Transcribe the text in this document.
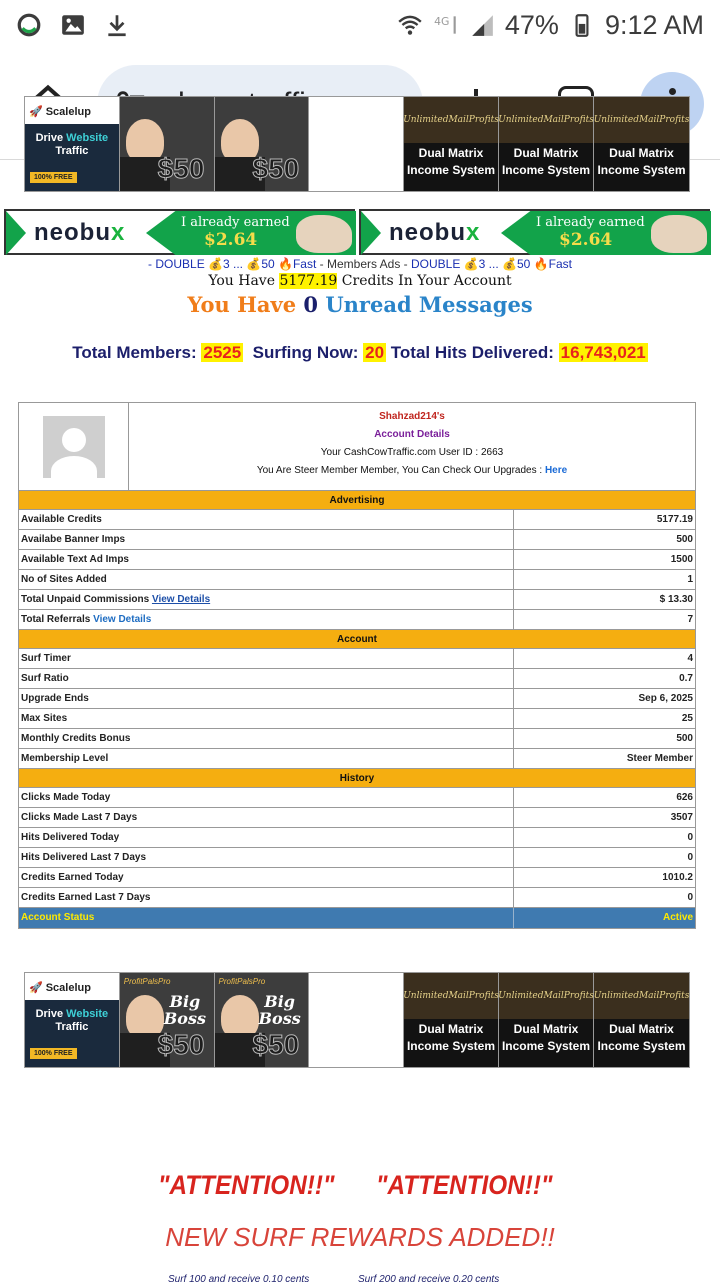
4G 47% 9:12 AM
🚀 Scalelup
Drive Website
Traffic
100% FREE	$50 $50
UnlimitedMailProfits
Dual Matrix
Income System
UnlimitedMailProfits
Dual Matrix
Income System
UnlimitedMailProfits
Dual Matrix
Income System
neobux	I already earned
$2.64	neobux	I already earned
$2.64
- DOUBLE 💰3 ... 💰50 🔥Fast - Members Ads - DOUBLE 💰3 ... 💰50 🔥Fast
You Have 5177.19 Credits In Your Account
You Have 0 Unread Messages
Total Members: 2525 Surfing Now: 20 Total Hits Delivered: 16,743,021
Shahzad214's
Account Details
Your CashCowTraffic.com User ID : 2663
You Are Steer Member Member, You Can Check Our Upgrades : Here
Advertising
Available Credits	5177.19
Availabe Banner Imps	500
Available Text Ad Imps	1500
No of Sites Added	1
Total Unpaid Commissions View Details	$ 13.30
Total Referrals View Details	7
Account
Surf Timer	4
Surf Ratio	0.7
Upgrade Ends	Sep 6, 2025
Max Sites	25
Monthly Credits Bonus	500
Membership Level	Steer Member
History
Clicks Made Today	626
Clicks Made Last 7 Days	3507
Hits Delivered Today	0
Hits Delivered Last 7 Days	0
Credits Earned Today	1010.2
Credits Earned Last 7 Days	0
Account Status	Active
🚀 Scalelup
Drive Website
Traffic
100% FREE
ProfitPalsPro
Big
Boss
$50
ProfitPalsPro
Big
Boss
$50
UnlimitedMailProfits
Dual Matrix
Income System
UnlimitedMailProfits
Dual Matrix
Income System
UnlimitedMailProfits
Dual Matrix
Income System
"ATTENTION!!" "ATTENTION!!"
NEW SURF REWARDS ADDED!!
Surf 100 and receive 0.10 cents	Surf 200 and receive 0.20 cents
